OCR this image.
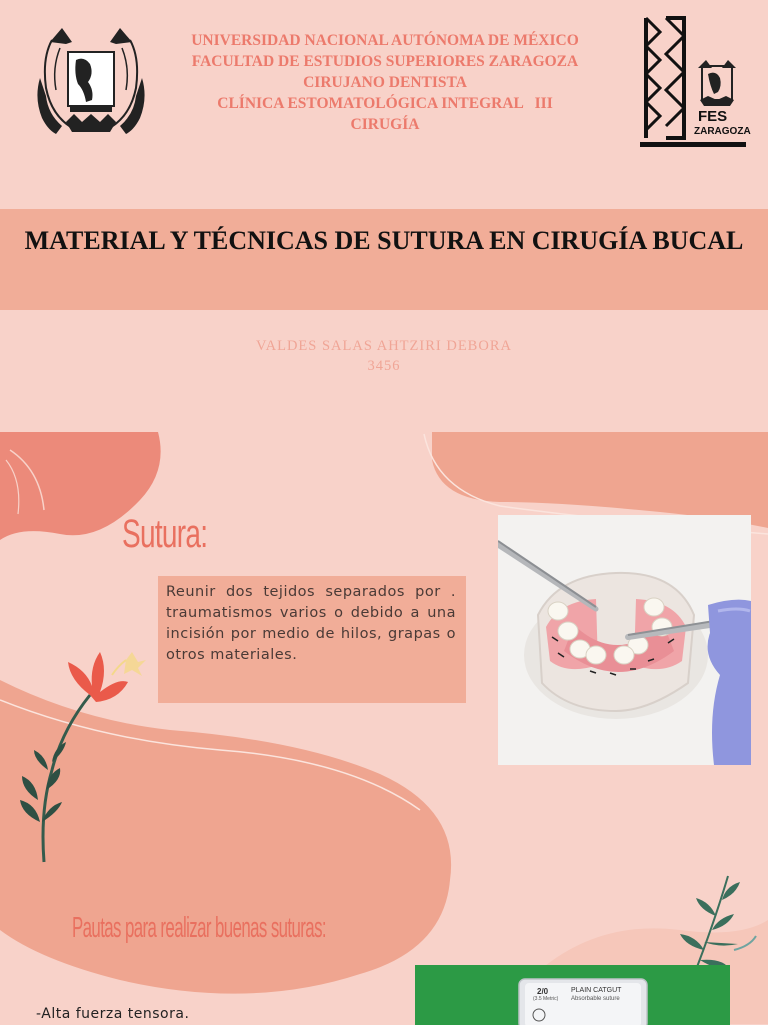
UNIVERSIDAD NACIONAL AUTÓNOMA DE MÉXICO
FACULTAD DE ESTUDIOS SUPERIORES ZARAGOZA
CIRUJANO DENTISTA
CLÍNICA ESTOMATOLÓGICA INTEGRAL   III
CIRUGÍA	FES
ZARAGOZA
MATERIAL Y TÉCNICAS DE SUTURA EN CIRUGÍA BUCAL
VALDES SALAS AHTZIRI DEBORA
3456
Sutura:
Reunir dos tejidos separados por . traumatismos varios o debido a una incisión por medio de hilos, grapas o otros materiales.
Pautas para realizar buenas suturas:
-Alta fuerza tensora.
2/0
(3.5 Metric)
PLAIN CATGUT
Absorbable suture
